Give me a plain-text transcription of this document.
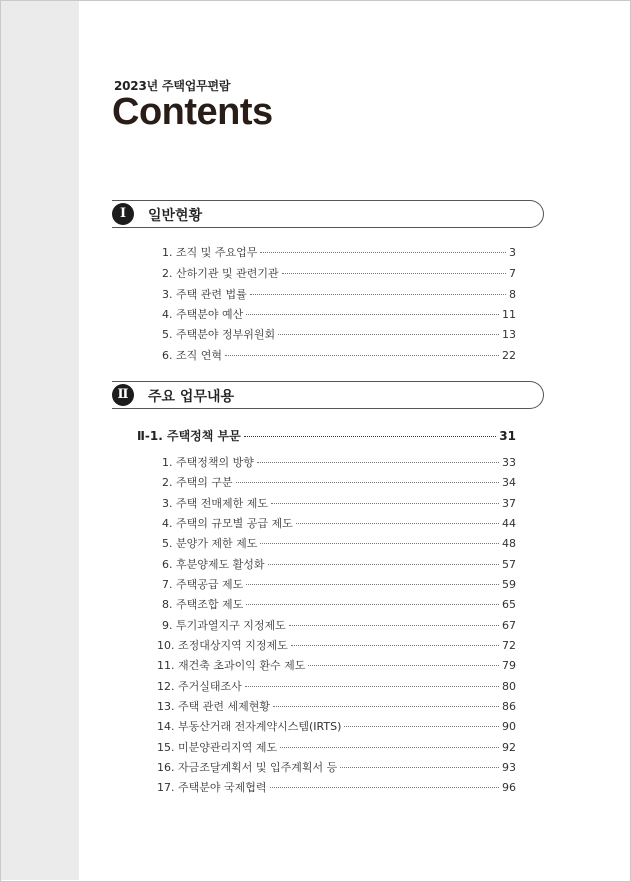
2023년 주택업무편람
Contents
Ⅰ	일반현황
1. 조직 및 주요업무	3
2. 산하기관 및 관련기관	7
3. 주택 관련 법률	8
4. 주택분야 예산	11
5. 주택분야 정부위원회	13
6. 조직 연혁	22
Ⅱ	주요 업무내용
Ⅱ-1. 주택정책 부문	31
1. 주택정책의 방향	33
2. 주택의 구분	34
3. 주택 전매제한 제도	37
4. 주택의 규모별 공급 제도	44
5. 분양가 제한 제도	48
6. 후분양제도 활성화	57
7. 주택공급 제도	59
8. 주택조합 제도	65
9. 투기과열지구 지정제도	67
10. 조정대상지역 지정제도	72
11. 재건축 초과이익 환수 제도	79
12. 주거실태조사	80
13. 주택 관련 세제현황	86
14. 부동산거래 전자계약시스템(IRTS)	90
15. 미분양관리지역 제도	92
16. 자금조달계획서 및 입주계획서 등	93
17. 주택분야 국제협력	96
